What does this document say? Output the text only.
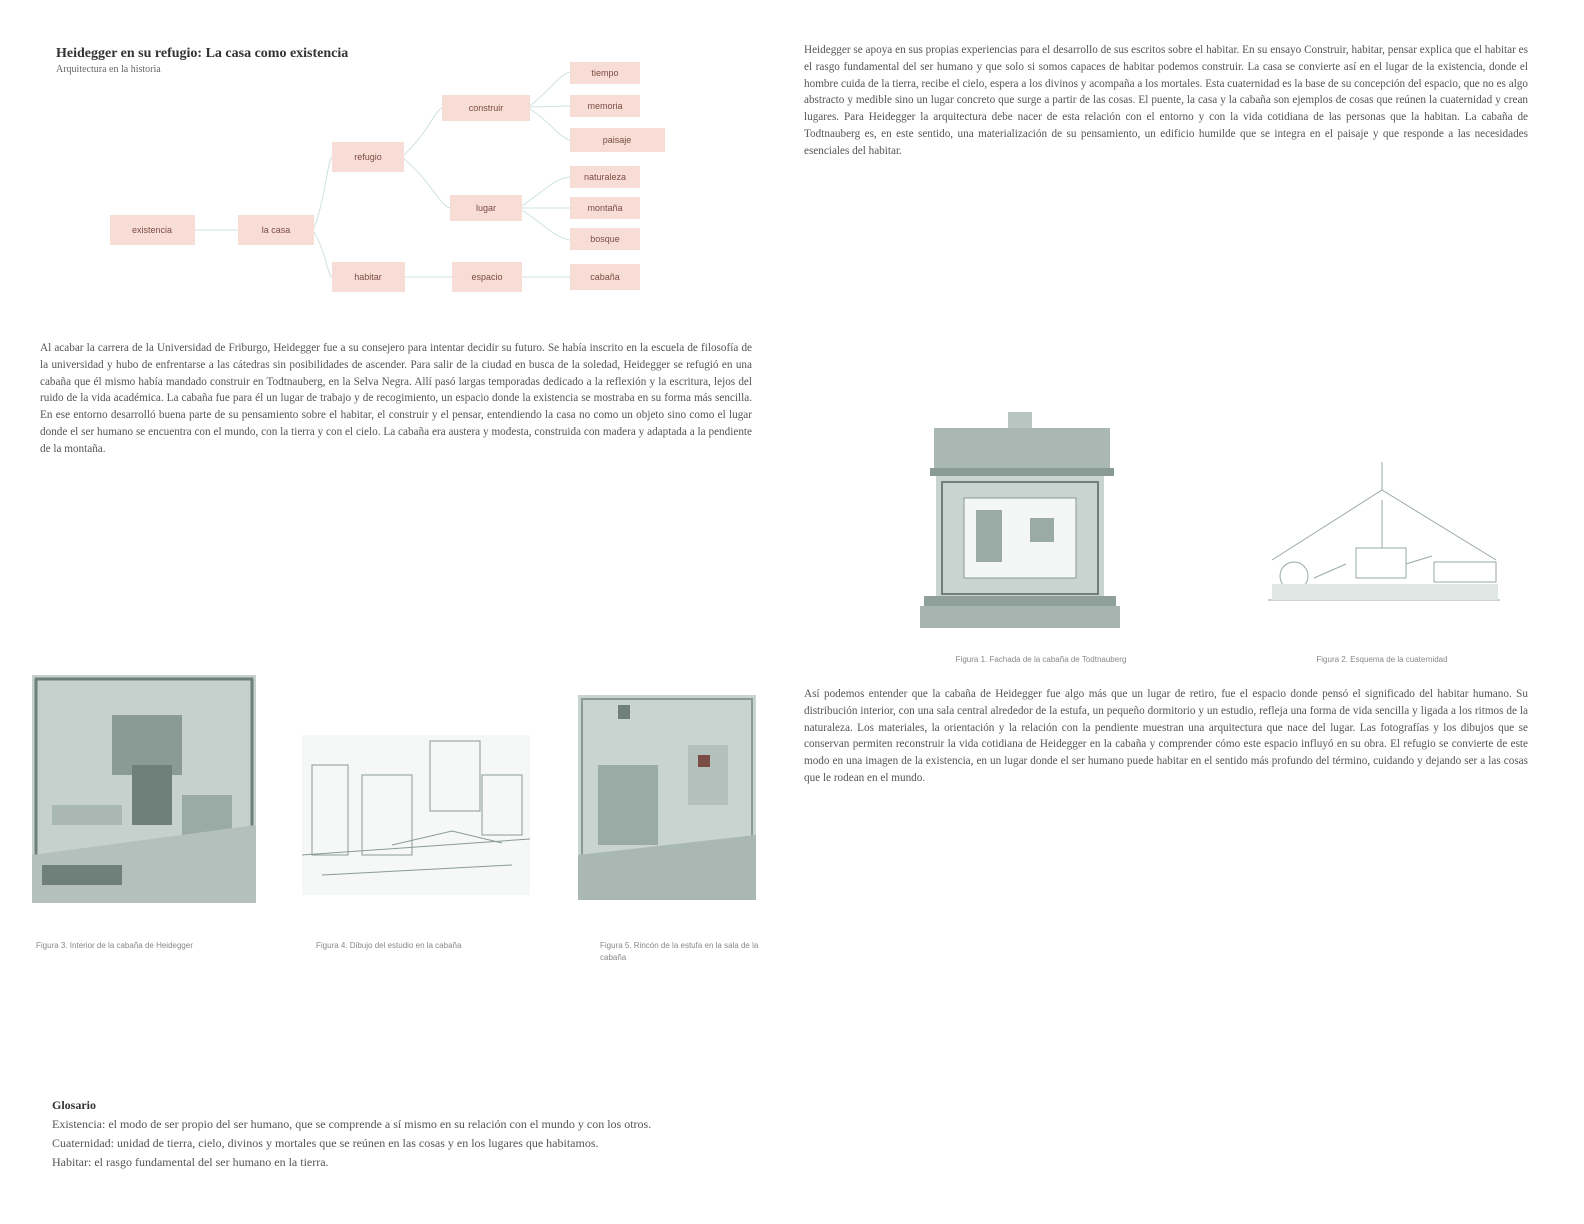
Heidegger en su refugio: La casa como existencia
Arquitectura en la historia
existencia	la casa
refugio
habitar
construir
lugar
espacio
tiempo
memoria
paisaje
naturaleza
montaña
bosque
cabaña
Al acabar la carrera de la Universidad de Friburgo, Heidegger fue a su consejero para intentar decidir su futuro. Se había inscrito en la escuela de filosofía de la universidad y hubo de enfrentarse a las cátedras sin posibilidades de ascender. Para salir de la ciudad en busca de la soledad, Heidegger se refugió en una cabaña que él mismo había mandado construir en Todtnauberg, en la Selva Negra. Allí pasó largas temporadas dedicado a la reflexión y la escritura, lejos del ruido de la vida académica. La cabaña fue para él un lugar de trabajo y de recogimiento, un espacio donde la existencia se mostraba en su forma más sencilla. En ese entorno desarrolló buena parte de su pensamiento sobre el habitar, el construir y el pensar, entendiendo la casa no como un objeto sino como el lugar donde el ser humano se encuentra con el mundo, con la tierra y con el cielo. La cabaña era austera y modesta, construida con madera y adaptada a la pendiente de la montaña.
Heidegger se apoya en sus propias experiencias para el desarrollo de sus escritos sobre el habitar. En su ensayo Construir, habitar, pensar explica que el habitar es el rasgo fundamental del ser humano y que solo si somos capaces de habitar podemos construir. La casa se convierte así en el lugar de la existencia, donde el hombre cuida de la tierra, recibe el cielo, espera a los divinos y acompaña a los mortales. Esta cuaternidad es la base de su concepción del espacio, que no es algo abstracto y medible sino un lugar concreto que surge a partir de las cosas. El puente, la casa y la cabaña son ejemplos de cosas que reúnen la cuaternidad y crean lugares. Para Heidegger la arquitectura debe nacer de esta relación con el entorno y con la vida cotidiana de las personas que la habitan. La cabaña de Todtnauberg es, en este sentido, una materialización de su pensamiento, un edificio humilde que se integra en el paisaje y que responde a las necesidades esenciales del habitar.
Figura 1. Fachada de la cabaña de Todtnauberg	Figura 2. Esquema de la cuaternidad
Así podemos entender que la cabaña de Heidegger fue algo más que un lugar de retiro, fue el espacio donde pensó el significado del habitar humano. Su distribución interior, con una sala central alrededor de la estufa, un pequeño dormitorio y un estudio, refleja una forma de vida sencilla y ligada a los ritmos de la naturaleza. Los materiales, la orientación y la relación con la pendiente muestran una arquitectura que nace del lugar. Las fotografías y los dibujos que se conservan permiten reconstruir la vida cotidiana de Heidegger en la cabaña y comprender cómo este espacio influyó en su obra. El refugio se convierte de este modo en una imagen de la existencia, en un lugar donde el ser humano puede habitar en el sentido más profundo del término, cuidando y dejando ser a las cosas que le rodean en el mundo.
Figura 3. Interior de la cabaña de Heidegger	Figura 4. Dibujo del estudio en la cabaña	Figura 5. Rincón de la estufa en la sala de la cabaña
Glosario
Existencia: el modo de ser propio del ser humano, que se comprende a sí mismo en su relación con el mundo y con los otros.
Cuaternidad: unidad de tierra, cielo, divinos y mortales que se reúnen en las cosas y en los lugares que habitamos.
Habitar: el rasgo fundamental del ser humano en la tierra.
